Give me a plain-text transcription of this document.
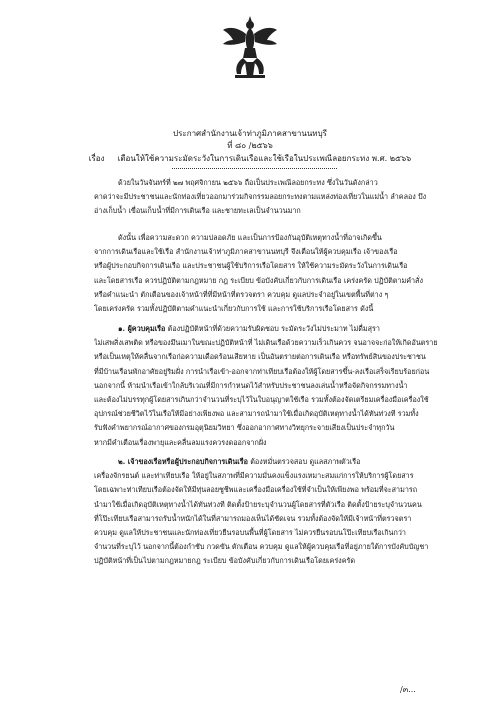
ประกาศสำนักงานเจ้าท่าภูมิภาคสาขานนทบุรี
ที่ ๘๐ /๒๕๖๖
เรื่อง เตือนให้ใช้ความระมัดระวังในการเดินเรือและใช้เรือในประเพณีลอยกระทง พ.ศ. ๒๕๖๖
ด้วยในวันจันทร์ที่ ๒๗ พฤศจิกายน ๒๕๖๖ ถือเป็นประเพณีลอยกระทง ซึ่งในวันดังกล่าว
คาดว่าจะมีประชาชนและนักท่องเที่ยวออกมาร่วมกิจกรรมลอยกระทงตามแหล่งท่องเที่ยวในแม่น้ำ ลำคลอง บึง
อ่างเก็บน้ำ เขื่อนเก็บน้ำที่มีการเดินเรือ และชายทะเลเป็นจำนวนมาก
ดังนั้น เพื่อความสะดวก ความปลอดภัย และเป็นการป้องกันอุบัติเหตุทางน้ำที่อาจเกิดขึ้น
จากการเดินเรือและใช้เรือ สำนักงานเจ้าท่าภูมิภาคสาขานนทบุรี จึงเตือนให้ผู้ควบคุมเรือ เจ้าของเรือ
หรือผู้ประกอบกิจการเดินเรือ และประชาชนผู้ใช้บริการเรือโดยสาร ให้ใช้ความระมัดระวังในการเดินเรือ
และโดยสารเรือ ควรปฏิบัติตามกฎหมาย กฎ ระเบียบ ข้อบังคับเกี่ยวกับการเดินเรือ เคร่งครัด ปฏิบัติตามคำสั่ง
หรือคำแนะนำ ตักเตือนของเจ้าหน้าที่ที่มีหน้าที่ตรวจตรา ควบคุม ดูแลประจำอยู่ในเขตพื้นที่ต่าง ๆ
โดยเคร่งครัด รวมทั้งปฏิบัติตามคำแนะนำเกี่ยวกับการใช้ และการใช้บริการเรือโดยสาร ดังนี้
๑. ผู้ควบคุมเรือ ต้องปฏิบัติหน้าที่ด้วยความรับผิดชอบ ระมัดระวังไม่ประมาท ไม่ดื่มสุรา
ไม่เสพสิ่งเสพติด หรือของมึนเมาในขณะปฏิบัติหน้าที่ ไม่เดินเรือด้วยความเร็วเกินควร จนอาจจะก่อให้เกิดอันตราย
หรือเป็นเหตุให้คลื่นจากเรือก่อความเดือดร้อนเสียหาย เป็นอันตรายต่อการเดินเรือ หรือทรัพย์สินของประชาชน
ที่มีบ้านเรือนพักอาศัยอยู่ริมฝั่ง การนำเรือเข้า-ออกจากท่าเทียบเรือต้องให้ผู้โดยสารขึ้น-ลงเรือเสร็จเรียบร้อยก่อน
นอกจากนี้ ห้ามนำเรือเข้าใกล้บริเวณที่มีการกำหนดไว้สำหรับประชาชนลงเล่นน้ำหรือจัดกิจกรรมทางน้ำ
และต้องไม่บรรทุกผู้โดยสารเกินกว่าจำนวนที่ระบุไว้ในใบอนุญาตใช้เรือ รวมทั้งต้องจัดเตรียมเครื่องมือเครื่องใช้
อุปกรณ์ช่วยชีวิตไว้ในเรือให้มีอย่างเพียงพอ และสามารถนำมาใช้เมื่อเกิดอุบัติเหตุทางน้ำได้ทันท่วงที รวมทั้ง
รับฟังคำพยากรณ์อากาศของกรมอุตุนิยมวิทยา ซึ่งออกอากาศทางวิทยุกระจายเสียงเป็นประจำทุกวัน
หากมีคำเตือนเรื่องพายุและคลื่นลมแรงควรงดออกจากฝั่ง
๒. เจ้าของเรือหรือผู้ประกอบกิจการเดินเรือ ต้องหมั่นตรวจสอบ ดูแลสภาพตัวเรือ
เครื่องจักรยนต์ และท่าเทียบเรือ ให้อยู่ในสภาพที่มีความมั่นคงแข็งแรงเหมาะสมแก่การให้บริการผู้โดยสาร
โดยเฉพาะท่าเทียบเรือต้องจัดให้มีทุ่นลอยชูชีพและเครื่องมือเครื่องใช้ที่จำเป็นให้เพียงพอ พร้อมที่จะสามารถ
นำมาใช้เมื่อเกิดอุบัติเหตุทางน้ำได้ทันท่วงที ติดตั้งป้ายระบุจำนวนผู้โดยสารที่ตัวเรือ ติดตั้งป้ายระบุจำนวนคน
ที่โป๊ะเทียบเรือสามารถรับน้ำหนักได้ในที่สามารถมองเห็นได้ชัดเจน รวมทั้งต้องจัดให้มีเจ้าหน้าที่ตรวจตรา
ควบคุม ดูแลให้ประชาชนและนักท่องเที่ยวยืนรอบนพื้นที่ผู้โดยสาร ไม่ควรยืนรอบนโป๊ะเทียบเรือเกินกว่า
จำนวนที่ระบุไว้ นอกจากนี้ต้องกำชับ กวดขัน ตักเตือน ควบคุม ดูแลให้ผู้ควบคุมเรือที่อยู่ภายใต้การบังคับบัญชา
ปฏิบัติหน้าที่เป็นไปตามกฎหมายกฎ ระเบียบ ข้อบังคับเกี่ยวกับการเดินเรือโดยเคร่งครัด
/๓...
